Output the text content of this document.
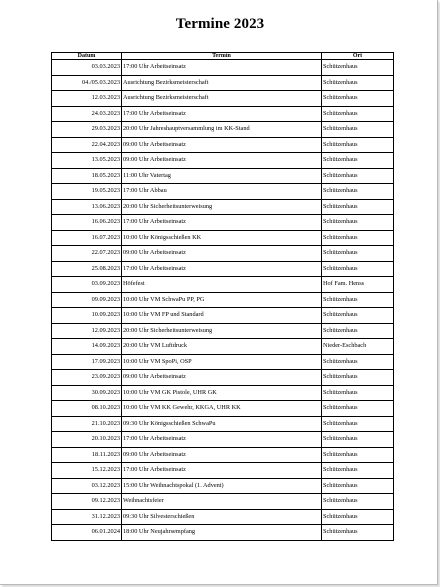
Termine 2023
Datum	Termin	Ort
03.03.2023	17:00 Uhr Arbeitseinsatz	Schützenhaus
04./05.03.2023	Ausrichtung Bezirksmeisterschaft	Schützenhaus
12.03.2023	Ausrichtung Bezirksmeisterschaft	Schützenhaus
24.03.2023	17:00 Uhr Arbeitseinsatz	Schützenhaus
29.03.2023	20:00 Uhr Jahreshauptversammlung im KK-Stand	Schützenhaus
22.04.2023	09:00 Uhr Arbeitseinsatz	Schützenhaus
13.05.2023	09:00 Uhr Arbeitseinsatz	Schützenhaus
18.05.2023	11:00 Uhr Vatertag	Schützenhaus
19.05.2023	17:00 Uhr Abbau	Schützenhaus
13.06.2023	20:00 Uhr Sicherheitsunterweisung	Schützenhaus
16.06.2023	17:00 Uhr Arbeitseinsatz	Schützenhaus
16.07.2023	10:00 Uhr Königsschießen KK	Schützenhaus
22.07.2023	09:00 Uhr Arbeitseinsatz	Schützenhaus
25.08.2023	17:00 Uhr Arbeitseinsatz	Schützenhaus
03.09.2023	Höfefest	Hof Fam. Henss
09.09.2023	10:00 Uhr VM SchwaPu PP, PG	Schützenhaus
10.09.2023	10:00 Uhr VM FP und Standard	Schützenhaus
12.09.2023	20:00 Uhr Sicherheitsunterweisung	Schützenhaus
14.09.2023	20:00 Uhr VM Luftdruck	Nieder-Eschbach
17.09.2023	10:00 Uhr VM SpoPi, OSP	Schützenhaus
23.09.2023	09:00 Uhr Arbeitseinsatz	Schützenhaus
30.09.2023	10:00 Uhr VM GK Pistole, UHR GK	Schützenhaus
08.10.2023	10:00 Uhr VM KK Gewehr, KKGA, UHR KK	Schützenhaus
21.10.2023	09:30 Uhr Königsschießen SchwaPu	Schützenhaus
20.10.2023	17:00 Uhr Arbeitseinsatz	Schützenhaus
18.11.2023	09:00 Uhr Arbeitseinsatz	Schützenhaus
15.12.2023	17:00 Uhr Arbeitseinsatz	Schützenhaus
03.12.2023	15:00 Uhr Weihnachtspokal (1. Advent)	Schützenhaus
09.12.2023	Weihnachtsfeier	Schützenhaus
31.12.2023	09:30 Uhr Silvesterschießen	Schützenhaus
06.01.2024	18:00 Uhr Neujahrsempfang	Schützenhaus
